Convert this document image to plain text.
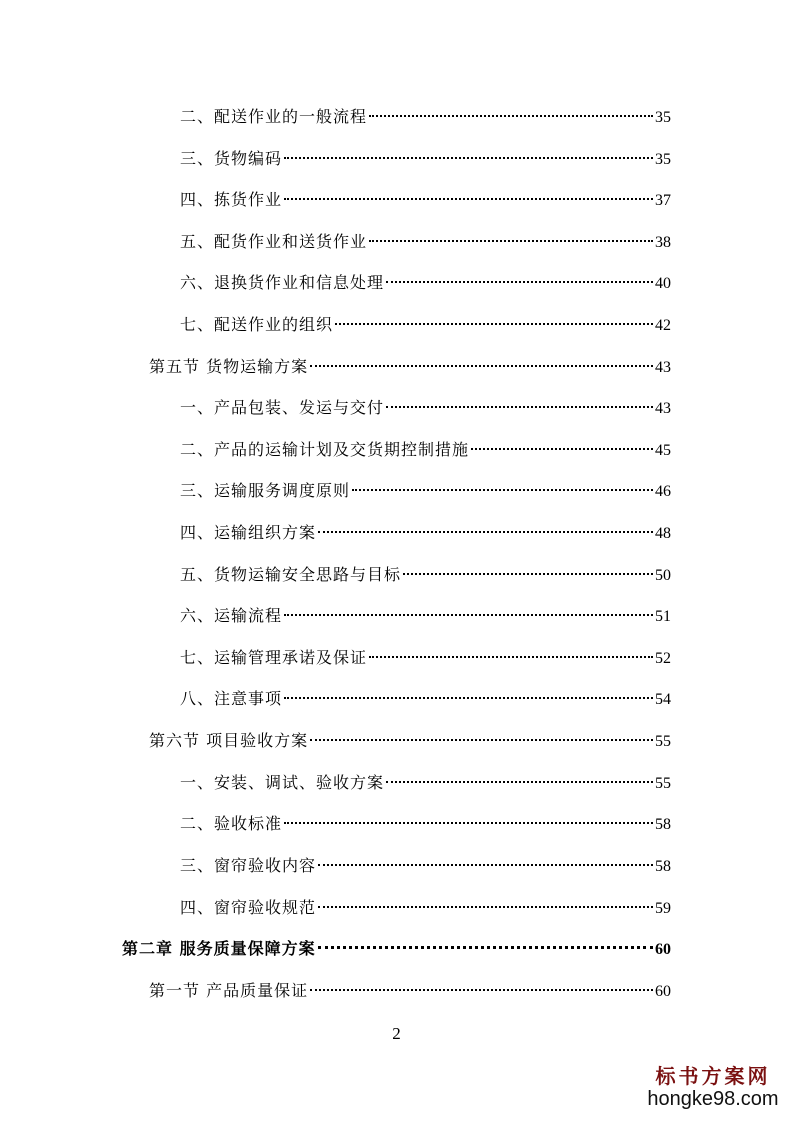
二、配送作业的一般流程	35
三、货物编码	35
四、拣货作业	37
五、配货作业和送货作业	38
六、退换货作业和信息处理	40
七、配送作业的组织	42
第五节 货物运输方案	43
一、产品包装、发运与交付	43
二、产品的运输计划及交货期控制措施	45
三、运输服务调度原则	46
四、运输组织方案	48
五、货物运输安全思路与目标	50
六、运输流程	51
七、运输管理承诺及保证	52
八、注意事项	54
第六节 项目验收方案	55
一、安装、调试、验收方案	55
二、验收标准	58
三、窗帘验收内容	58
四、窗帘验收规范	59
第二章 服务质量保障方案	60
第一节 产品质量保证	60
2
标书方案网
hongke98.com
